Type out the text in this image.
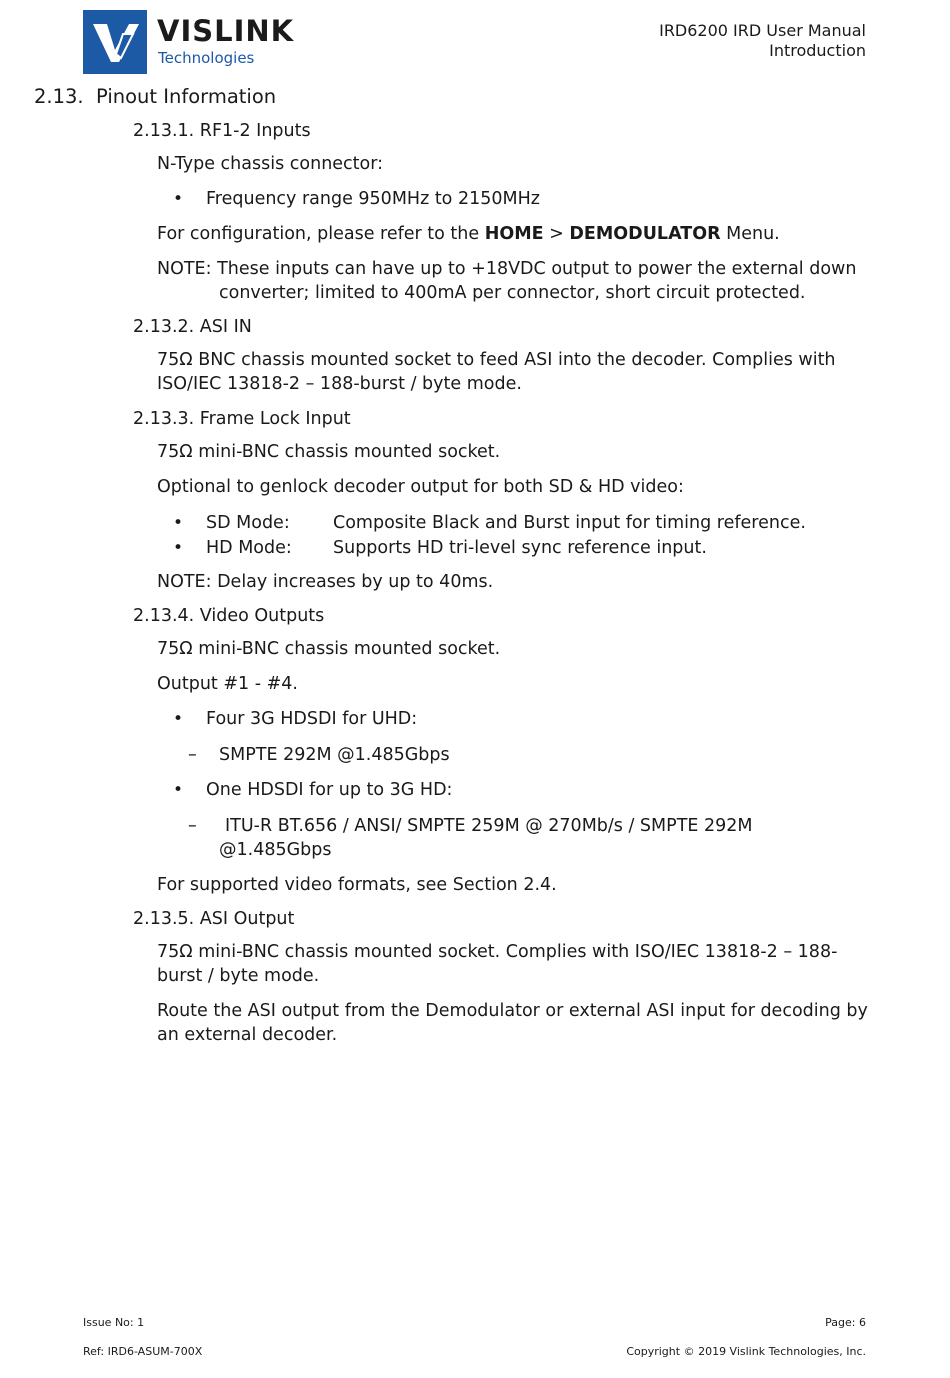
VISLINK
Technologies
IRD6200 IRD User Manual
Introduction
2.13. Pinout Information
2.13.1. RF1-2 Inputs
N-Type chassis connector:
• Frequency range 950MHz to 2150MHz
For configuration, please refer to the HOME > DEMODULATOR Menu.
NOTE: These inputs can have up to +18VDC output to power the external down
converter; limited to 400mA per connector, short circuit protected.
2.13.2. ASI IN
75Ω BNC chassis mounted socket to feed ASI into the decoder. Complies with
ISO/IEC 13818-2 – 188-burst / byte mode.
2.13.3. Frame Lock Input
75Ω mini-BNC chassis mounted socket.
Optional to genlock decoder output for both SD & HD video:
• SD Mode: Composite Black and Burst input for timing reference.
• HD Mode: Supports HD tri-level sync reference input.
NOTE: Delay increases by up to 40ms.
2.13.4. Video Outputs
75Ω mini-BNC chassis mounted socket.
Output #1 - #4.
• Four 3G HDSDI for UHD:
– SMPTE 292M @1.485Gbps
• One HDSDI for up to 3G HD:
– ITU-R BT.656 / ANSI/ SMPTE 259M @ 270Mb/s / SMPTE 292M
@1.485Gbps
For supported video formats, see Section 2.4.
2.13.5. ASI Output
75Ω mini-BNC chassis mounted socket. Complies with ISO/IEC 13818-2 – 188-
burst / byte mode.
Route the ASI output from the Demodulator or external ASI input for decoding by
an external decoder.
Issue No: 1	Page: 6
Ref: IRD6-ASUM-700X	Copyright © 2019 Vislink Technologies, Inc.
